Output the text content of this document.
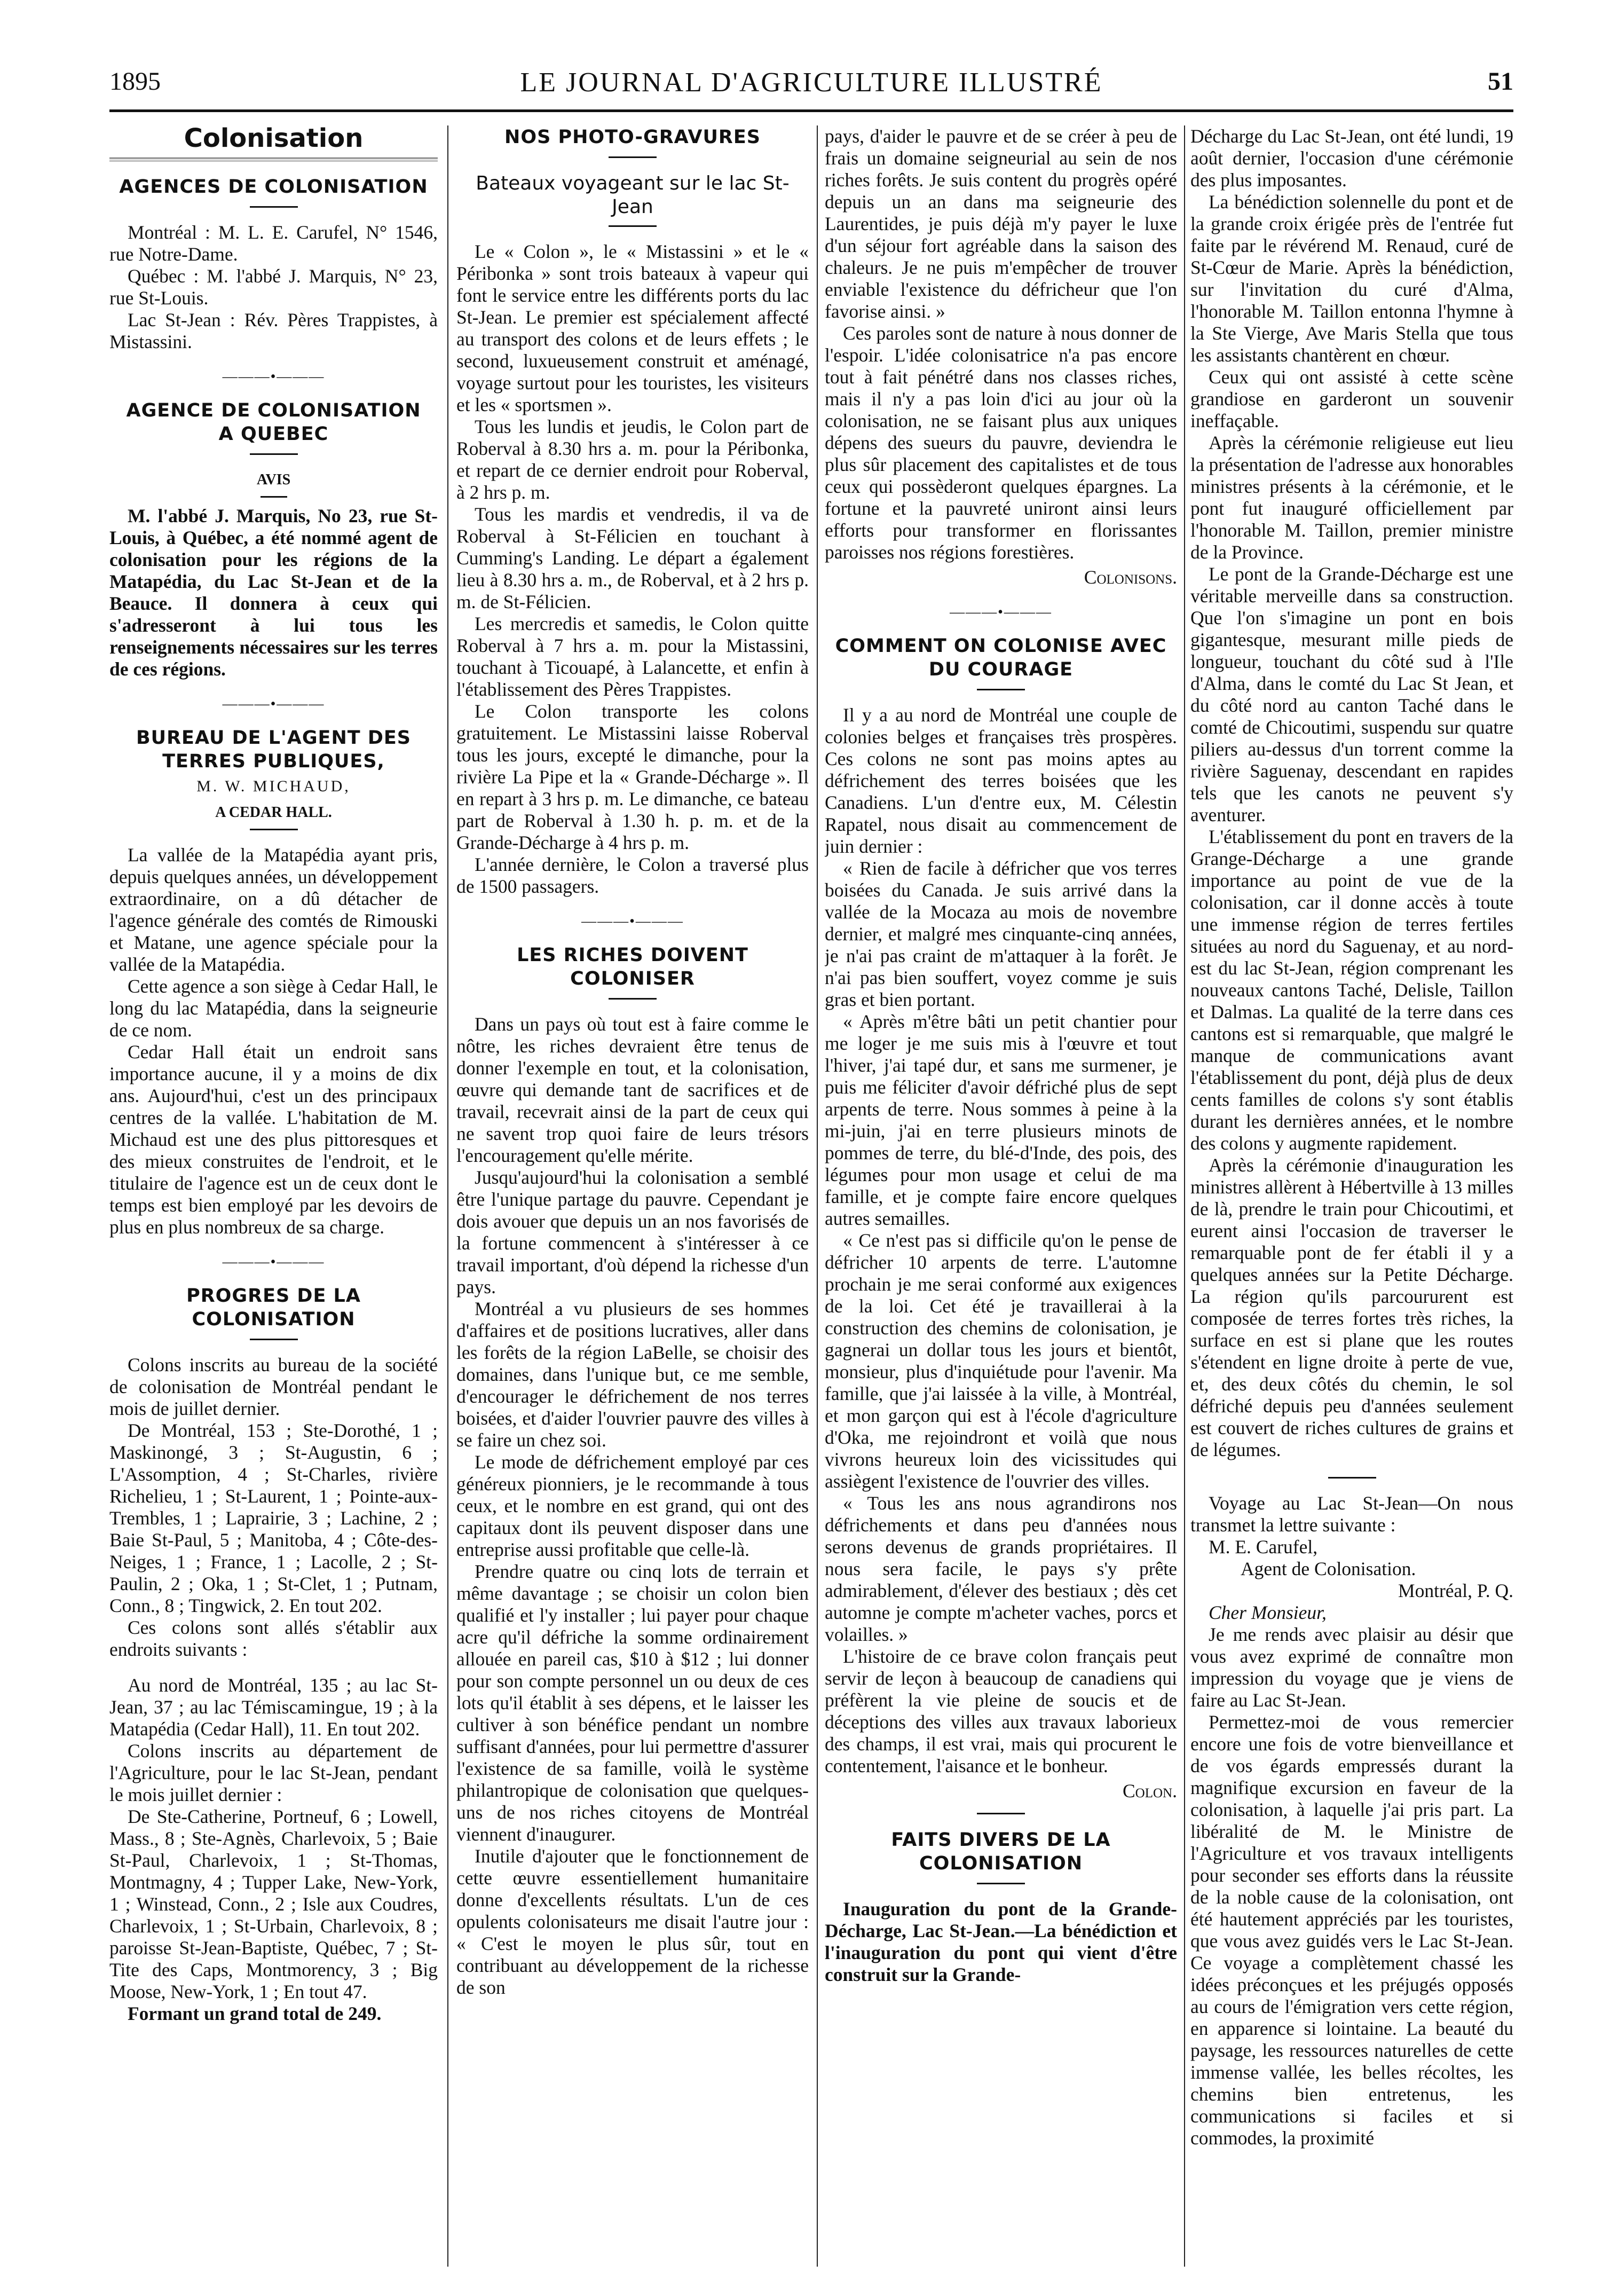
1895	LE JOURNAL D'AGRICULTURE ILLUSTRÉ	51
Colonisation
AGENCES DE COLONISATION

Montréal : M. L. E. Carufel, N° 1546, rue Notre-Dame.

Québec : M. l'abbé J. Marquis, N° 23, rue St-Louis.

Lac St-Jean : Rév. Pères Trappistes, à Mistassini.

———•———
AGENCE DE COLONISATION
A QUEBEC
AVIS

M. l'abbé J. Marquis, No 23, rue St-Louis, à Québec, a été nommé agent de colonisation pour les régions de la Matapédia, du Lac St-Jean et de la Beauce. Il donnera à ceux qui s'adresseront à lui tous les renseignements nécessaires sur les terres de ces régions.

———•———
BUREAU DE L'AGENT DES
TERRES PUBLIQUES,
M. W. MICHAUD,
A CEDAR HALL.

La vallée de la Matapédia ayant pris, depuis quelques années, un développement extraordinaire, on a dû détacher de l'agence générale des comtés de Rimouski et Matane, une agence spéciale pour la vallée de la Matapédia.

Cette agence a son siège à Cedar Hall, le long du lac Matapédia, dans la seigneurie de ce nom.

Cedar Hall était un endroit sans importance aucune, il y a moins de dix ans. Aujourd'hui, c'est un des principaux centres de la vallée. L'habitation de M. Michaud est une des plus pittoresques et des mieux construites de l'endroit, et le titulaire de l'agence est un de ceux dont le temps est bien employé par les devoirs de plus en plus nombreux de sa charge.

———•———
PROGRES DE LA COLONISATION

Colons inscrits au bureau de la société de colonisation de Montréal pendant le mois de juillet dernier.

De Montréal, 153 ; Ste-Dorothé, 1 ; Maskinongé, 3 ; St-Augustin, 6 ; L'Assomption, 4 ; St-Charles, rivière Richelieu, 1 ; St-Laurent, 1 ; Pointe-aux-Trembles, 1 ; Laprairie, 3 ; Lachine, 2 ; Baie St-Paul, 5 ; Manitoba, 4 ; Côte-des-Neiges, 1 ; France, 1 ; Lacolle, 2 ; St-Paulin, 2 ; Oka, 1 ; St-Clet, 1 ; Putnam, Conn., 8 ; Tingwick, 2. En tout 202.

Ces colons sont allés s'établir aux endroits suivants :

Au nord de Montréal, 135 ; au lac St-Jean, 37 ; au lac Témiscamingue, 19 ; à la Matapédia (Cedar Hall), 11. En tout 202.

Colons inscrits au département de l'Agriculture, pour le lac St-Jean, pendant le mois juillet dernier :

De Ste-Catherine, Portneuf, 6 ; Lowell, Mass., 8 ; Ste-Agnès, Charlevoix, 5 ; Baie St-Paul, Charlevoix, 1 ; St-Thomas, Montmagny, 4 ; Tupper Lake, New-York, 1 ; Winstead, Conn., 2 ; Isle aux Coudres, Charlevoix, 1 ; St-Urbain, Charlevoix, 8 ; paroisse St-Jean-Baptiste, Québec, 7 ; St-Tite des Caps, Montmorency, 3 ; Big Moose, New-York, 1 ; En tout 47.

Formant un grand total de 249.

NOS PHOTO-GRAVURES
Bateaux voyageant sur le lac St-Jean

Le « Colon », le « Mistassini » et le « Péribonka » sont trois bateaux à vapeur qui font le service entre les différents ports du lac St-Jean. Le premier est spécialement affecté au transport des colons et de leurs effets ; le second, luxueusement construit et aménagé, voyage surtout pour les touristes, les visiteurs et les « sportsmen ».

Tous les lundis et jeudis, le Colon part de Roberval à 8.30 hrs a. m. pour la Péribonka, et repart de ce dernier endroit pour Roberval, à 2 hrs p. m.

Tous les mardis et vendredis, il va de Roberval à St-Félicien en touchant à Cumming's Landing. Le départ a également lieu à 8.30 hrs a. m., de Roberval, et à 2 hrs p. m. de St-Félicien.

Les mercredis et samedis, le Colon quitte Roberval à 7 hrs a. m. pour la Mistassini, touchant à Ticouapé, à Lalancette, et enfin à l'établissement des Pères Trappistes.

Le Colon transporte les colons gratuitement. Le Mistassini laisse Roberval tous les jours, excepté le dimanche, pour la rivière La Pipe et la « Grande-Décharge ». Il en repart à 3 hrs p. m. Le dimanche, ce bateau part de Roberval à 1.30 h. p. m. et de la Grande-Décharge à 4 hrs p. m.

L'année dernière, le Colon a traversé plus de 1500 passagers.

———•———
LES RICHES DOIVENT
COLONISER

Dans un pays où tout est à faire comme le nôtre, les riches devraient être tenus de donner l'exemple en tout, et la colonisation, œuvre qui demande tant de sacrifices et de travail, recevrait ainsi de la part de ceux qui ne savent trop quoi faire de leurs trésors l'encouragement qu'elle mérite.

Jusqu'aujourd'hui la colonisation a semblé être l'unique partage du pauvre. Cependant je dois avouer que depuis un an nos favorisés de la fortune commencent à s'intéresser à ce travail important, d'où dépend la richesse d'un pays.

Montréal a vu plusieurs de ses hommes d'affaires et de positions lucratives, aller dans les forêts de la région LaBelle, se choisir des domaines, dans l'unique but, ce me semble, d'encourager le défrichement de nos terres boisées, et d'aider l'ouvrier pauvre des villes à se faire un chez soi.

Le mode de défrichement employé par ces généreux pionniers, je le recommande à tous ceux, et le nombre en est grand, qui ont des capitaux dont ils peuvent disposer dans une entreprise aussi profitable que celle-là.

Prendre quatre ou cinq lots de terrain et même davantage ; se choisir un colon bien qualifié et l'y installer ; lui payer pour chaque acre qu'il défriche la somme ordinairement allouée en pareil cas, $10 à $12 ; lui donner pour son compte personnel un ou deux de ces lots qu'il établit à ses dépens, et le laisser les cultiver à son bénéfice pendant un nombre suffisant d'années, pour lui permettre d'assurer l'existence de sa famille, voilà le système philantropique de colonisation que quelques-uns de nos riches citoyens de Montréal viennent d'inaugurer.

Inutile d'ajouter que le fonctionnement de cette œuvre essentiellement humanitaire donne d'excellents résultats. L'un de ces opulents colonisateurs me disait l'autre jour : « C'est le moyen le plus sûr, tout en contribuant au développement de la richesse de son

pays, d'aider le pauvre et de se créer à peu de frais un domaine seigneurial au sein de nos riches forêts. Je suis content du progrès opéré depuis un an dans ma seigneurie des Laurentides, je puis déjà m'y payer le luxe d'un séjour fort agréable dans la saison des chaleurs. Je ne puis m'empêcher de trouver enviable l'existence du défricheur que l'on favorise ainsi. »

Ces paroles sont de nature à nous donner de l'espoir. L'idée colonisatrice n'a pas encore tout à fait pénétré dans nos classes riches, mais il n'y a pas loin d'ici au jour où la colonisation, ne se faisant plus aux uniques dépens des sueurs du pauvre, deviendra le plus sûr placement des capitalistes et de tous ceux qui possèderont quelques épargnes. La fortune et la pauvreté uniront ainsi leurs efforts pour transformer en florissantes paroisses nos régions forestières.

Colonisons.
———•———
COMMENT ON COLONISE AVEC
DU COURAGE

Il y a au nord de Montréal une couple de colonies belges et françaises très prospères. Ces colons ne sont pas moins aptes au défrichement des terres boisées que les Canadiens. L'un d'entre eux, M. Célestin Rapatel, nous disait au commencement de juin dernier :

« Rien de facile à défricher que vos terres boisées du Canada. Je suis arrivé dans la vallée de la Mocaza au mois de novembre dernier, et malgré mes cinquante-cinq années, je n'ai pas craint de m'attaquer à la forêt. Je n'ai pas bien souffert, voyez comme je suis gras et bien portant.

« Après m'être bâti un petit chantier pour me loger je me suis mis à l'œuvre et tout l'hiver, j'ai tapé dur, et sans me surmener, je puis me féliciter d'avoir défriché plus de sept arpents de terre. Nous sommes à peine à la mi-juin, j'ai en terre plusieurs minots de pommes de terre, du blé-d'Inde, des pois, des légumes pour mon usage et celui de ma famille, et je compte faire encore quelques autres semailles.

« Ce n'est pas si difficile qu'on le pense de défricher 10 arpents de terre. L'automne prochain je me serai conformé aux exigences de la loi. Cet été je travaillerai à la construction des chemins de colonisation, je gagnerai un dollar tous les jours et bientôt, monsieur, plus d'inquiétude pour l'avenir. Ma famille, que j'ai laissée à la ville, à Montréal, et mon garçon qui est à l'école d'agriculture d'Oka, me rejoindront et voilà que nous vivrons heureux loin des vicissitudes qui assiègent l'existence de l'ouvrier des villes.

« Tous les ans nous agrandirons nos défrichements et dans peu d'années nous serons devenus de grands propriétaires. Il nous sera facile, le pays s'y prête admirablement, d'élever des bestiaux ; dès cet automne je compte m'acheter vaches, porcs et volailles. »

L'histoire de ce brave colon français peut servir de leçon à beaucoup de canadiens qui préfèrent la vie pleine de soucis et de déceptions des villes aux travaux laborieux des champs, il est vrai, mais qui procurent le contentement, l'aisance et le bonheur.

Colon.
FAITS DIVERS DE LA
COLONISATION

Inauguration du pont de la Grande-Décharge, Lac St-Jean.—La bénédiction et l'inauguration du pont qui vient d'être construit sur la Grande-

Décharge du Lac St-Jean, ont été lundi, 19 août dernier, l'occasion d'une cérémonie des plus imposantes.

La bénédiction solennelle du pont et de la grande croix érigée près de l'entrée fut faite par le révérend M. Renaud, curé de St-Cœur de Marie. Après la bénédiction, sur l'invitation du curé d'Alma, l'honorable M. Taillon entonna l'hymne à la Ste Vierge, Ave Maris Stella que tous les assistants chantèrent en chœur.

Ceux qui ont assisté à cette scène grandiose en garderont un souvenir ineffaçable.

Après la cérémonie religieuse eut lieu la présentation de l'adresse aux honorables ministres présents à la cérémonie, et le pont fut inauguré officiellement par l'honorable M. Taillon, premier ministre de la Province.

Le pont de la Grande-Décharge est une véritable merveille dans sa construction. Que l'on s'imagine un pont en bois gigantesque, mesurant mille pieds de longueur, touchant du côté sud à l'Ile d'Alma, dans le comté du Lac St Jean, et du côté nord au canton Taché dans le comté de Chicoutimi, suspendu sur quatre piliers au-dessus d'un torrent comme la rivière Saguenay, descendant en rapides tels que les canots ne peuvent s'y aventurer.

L'établissement du pont en travers de la Grange-Décharge a une grande importance au point de vue de la colonisation, car il donne accès à toute une immense région de terres fertiles situées au nord du Saguenay, et au nord-est du lac St-Jean, région comprenant les nouveaux cantons Taché, Delisle, Taillon et Dalmas. La qualité de la terre dans ces cantons est si remarquable, que malgré le manque de communications avant l'établissement du pont, déjà plus de deux cents familles de colons s'y sont établis durant les dernières années, et le nombre des colons y augmente rapidement.

Après la cérémonie d'inauguration les ministres allèrent à Hébertville à 13 milles de là, prendre le train pour Chicoutimi, et eurent ainsi l'occasion de traverser le remarquable pont de fer établi il y a quelques années sur la Petite Décharge. La région qu'ils parcoururent est composée de terres fortes très riches, la surface en est si plane que les routes s'étendent en ligne droite à perte de vue, et, des deux côtés du chemin, le sol défriché depuis peu d'années seulement est couvert de riches cultures de grains et de légumes.

Voyage au Lac St-Jean—On nous transmet la lettre suivante :

M. E. Carufel,

Agent de Colonisation.

Montréal, P. Q.

Cher Monsieur,

Je me rends avec plaisir au désir que vous avez exprimé de connaître mon impression du voyage que je viens de faire au Lac St-Jean.

Permettez-moi de vous remercier encore une fois de votre bienveillance et de vos égards empressés durant la magnifique excursion en faveur de la colonisation, à laquelle j'ai pris part. La libéralité de M. le Ministre de l'Agriculture et vos travaux intelligents pour seconder ses efforts dans la réussite de la noble cause de la colonisation, ont été hautement appréciés par les touristes, que vous avez guidés vers le Lac St-Jean. Ce voyage a complètement chassé les idées préconçues et les préjugés opposés au cours de l'émigration vers cette région, en apparence si lointaine. La beauté du paysage, les ressources naturelles de cette immense vallée, les belles récoltes, les chemins bien entretenus, les communications si faciles et si commodes, la proximité
